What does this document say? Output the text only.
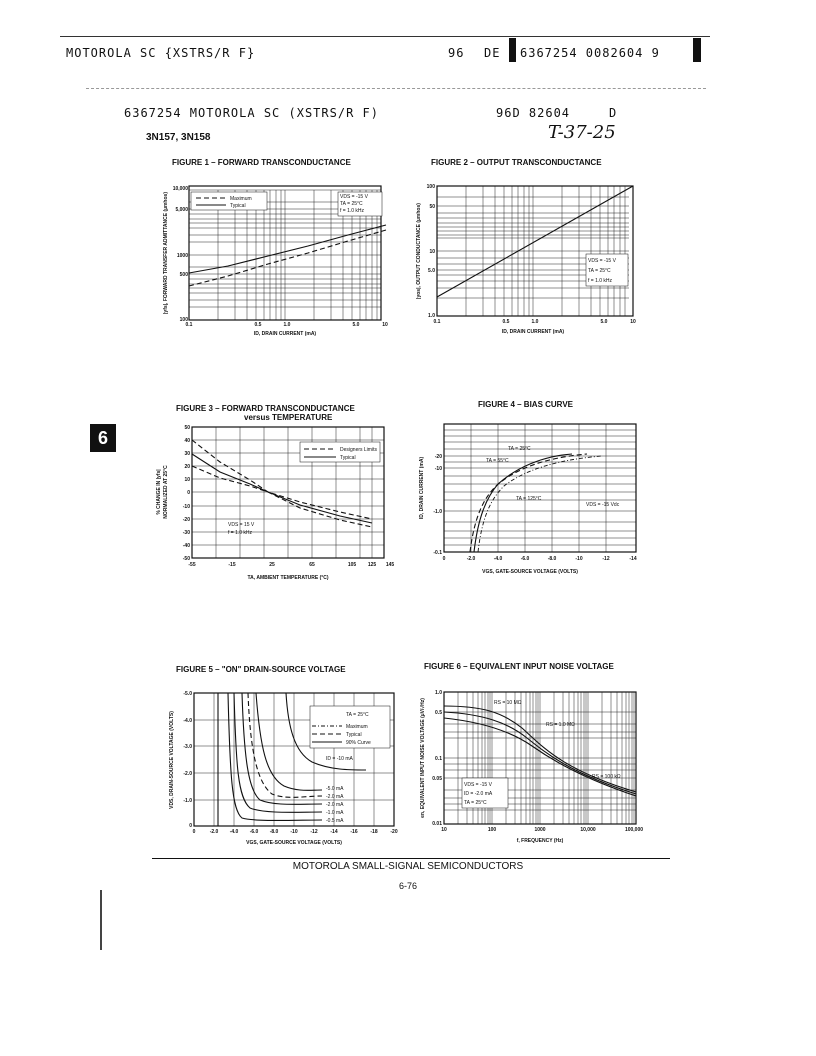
MOTOROLA SC {XSTRS/R F}	96 DE 6367254 0082604 9
6367254 MOTOROLA SC (XSTRS/R F)	96D 82604	D
T-37-25
3N157, 3N158
6
FIGURE 1 – FORWARD TRANSCONDUCTANCE
Maximum
Typical
VDS = -15 V
TA = 25°C
f = 1.0 kHz
10,000
5,000
1000
500
100
0.1	0.5	1.0	5.0	10
ID, DRAIN CURRENT (mA)
|yfs|, FORWARD TRANSFER ADMITTANCE (µmhos)
FIGURE 2 – OUTPUT TRANSCONDUCTANCE
VDS = -15 V
TA = 25°C
f = 1.0 kHz
100
50
10
5.0
1.0
0.1	0.5	1.0	5.0	10
ID, DRAIN CURRENT (mA)
|yos|, OUTPUT CONDUCTANCE (µmhos)
FIGURE 3 – FORWARD TRANSCONDUCTANCE
versus TEMPERATURE
Designers Limits
Typical
VDS = 15 V
f = 1.0 kHz
50
40
30
20
10
0
-10
-20
-30
-40
-50
-55	-15	25	65	105 125 145
TA, AMBIENT TEMPERATURE (°C)
% CHANGE IN |yfs| NORMALIZED AT 25°C
FIGURE 4 – BIAS CURVE
TA = 25°C
TA = 55°C
TA = 125°C
VDS = -15 Vdc
-20
-10
-1.0
-0.1
0	-2.0	-4.0	-6.0	-8.0	-10	-12	-14
VGS, GATE-SOURCE VOLTAGE (VOLTS)
ID, DRAIN CURRENT (mA)
FIGURE 5 – "ON" DRAIN-SOURCE VOLTAGE
TA = 25°C
Maximum
Typical
90% Curve
ID = -10 mA
-5.0 mA
-2.0 mA
-2.0 mA
-1.0 mA
-0.5 mA
-5.0
-4.0
-3.0
-2.0
-1.0
0
0	-2.0 -4.0 -6.0 -8.0 -10	-12	-14	-16	-18	-20
VGS, GATE-SOURCE VOLTAGE (VOLTS)
VDS, DRAIN-SOURCE VOLTAGE (VOLTS)
FIGURE 6 – EQUIVALENT INPUT NOISE VOLTAGE
RS = 10 MΩ
RS = 1.0 MΩ
RS = 100 kΩ
VDS = -15 V
ID = -2.0 mA
TA = 25°C
1.0
0.5
0.1
0.05
0.01
10	100	1000	10,000	100,000
f, FREQUENCY (Hz)
en, EQUIVALENT INPUT NOISE VOLTAGE (µV/√Hz)
MOTOROLA SMALL-SIGNAL SEMICONDUCTORS
6-76
